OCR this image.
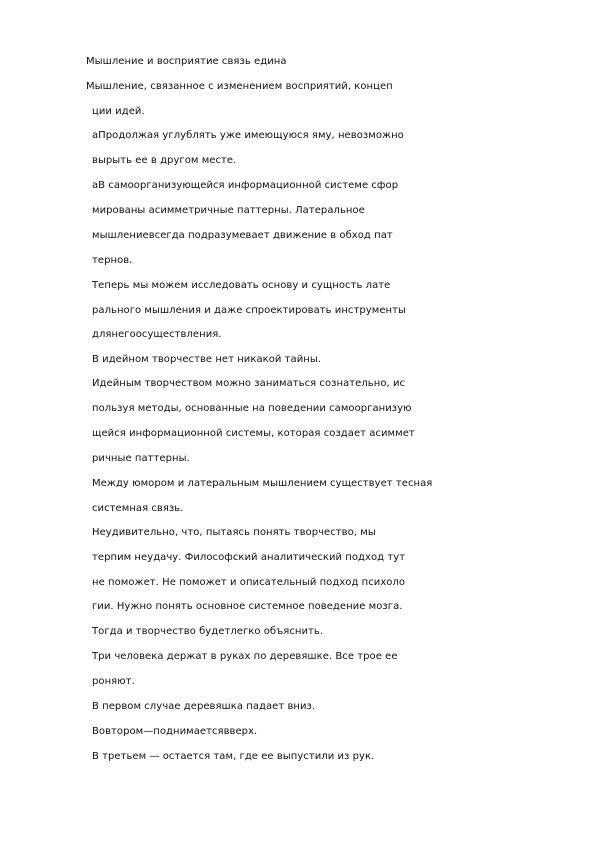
Мышление и восприятие связь едина
Мышление, связанное с изменением восприятий, концеп
ции идей.
аПродолжая углублять уже имеющуюся яму, невозможно
вырыть ее в другом месте.
аВ самоорганизующейся информационной системе сфор
мированы асимметричные паттерны. Латеральное
мышлениевсегда подразумевает движение в обход пат
тернов.
Теперь мы можем исследовать основу и сущность лате
рального мышления и даже спроектировать инструменты
длянегоосуществления.
В идейном творчестве нет никакой тайны.
Идейным творчеством можно заниматься сознательно, ис
пользуя методы, основанные на поведении самоорганизую
щейся информационной системы, которая создает асиммет
ричные паттерны.
Между юмором и латеральным мышлением существует тесная
системная связь.
Неудивительно, что, пытаясь понять творчество, мы
терпим неудачу. Философский аналитический подход тут
не поможет. Не поможет и описательный подход психоло
гии. Нужно понять основное системное поведение мозга.
Тогда и творчество будетлегко объяснить.
Три человека держат в руках по деревяшке. Все трое ее
роняют.
В первом случае деревяшка падает вниз.
Вовтором—поднимаетсявверх.
В третьем — остается там, где ее выпустили из рук.
